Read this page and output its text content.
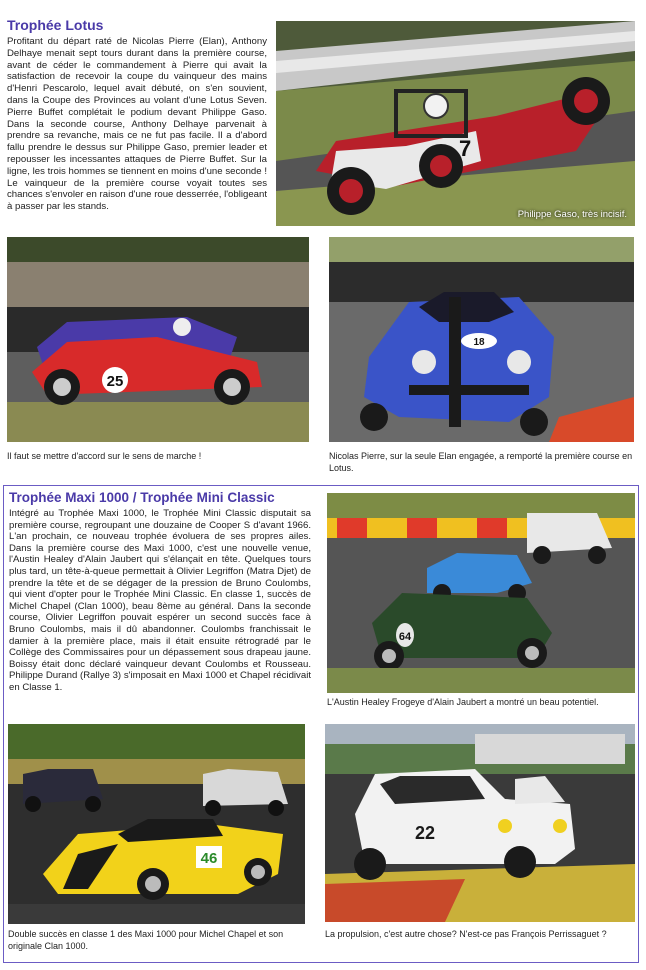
Trophée Lotus
Profitant du départ raté de Nicolas Pierre (Elan), Anthony Delhaye menait sept tours durant dans la première course, avant de céder le commandement à Pierre qui avait la satisfaction de recevoir la coupe du vainqueur des mains d'Henri Pescarolo, lequel avait débuté, on s'en souvient, dans la Coupe des Provinces au volant d'une Lotus Seven. Pierre Buffet complétait le podium devant Philippe Gaso. Dans la seconde course, Anthony Delhaye parvenait à prendre sa revanche, mais ce ne fut pas facile. Il a d'abord fallu prendre le dessus sur Philippe Gaso, premier leader et repousser les incessantes attaques de Pierre Buffet. Sur la ligne, les trois hommes se tiennent en moins d'une seconde ! Le vainqueur de la première course voyait toutes ses chances s'envoler en raison d'une roue desserrée, l'obligeant à passer par les stands.
7
Philippe Gaso, très incisif.
25
Il faut se mettre d'accord sur le sens de marche !
18
Nicolas Pierre, sur la seule Elan engagée, a remporté la première course en Lotus.
Trophée Maxi 1000 / Trophée Mini Classic
Intégré au Trophée Maxi 1000, le Trophée Mini Classic disputait sa première course, regroupant une douzaine de Cooper S d'avant 1966. L'an prochain, ce nouveau trophée évoluera de ses propres ailes. Dans la première course des Maxi 1000, c'est une nouvelle venue, l'Austin Healey d'Alain Jaubert qui s'élançait en tête. Quelques tours plus tard, un tête-à-queue permettait à Olivier Legriffon (Matra Djet) de prendre la tête et de se dégager de la pression de Bruno Coulombs, qui vient d'opter pour le Trophée Mini Classic. En classe 1, succès de Michel Chapel (Clan 1000), beau 8ème au général. Dans la seconde course, Olivier Legriffon pouvait espérer un second succès face à Bruno Coulombs, mais il dû abandonner. Coulombs franchissait le damier à la première place, mais il était ensuite rétrogradé par le Collège des Commissaires pour un dépassement sous drapeau jaune. Boissy était donc déclaré vainqueur devant Coulombs et Rousseau. Philippe Durand (Rallye 3) s'imposait en Maxi 1000 et Chapel récidivait en Classe 1.
64
L'Austin Healey Frogeye d'Alain Jaubert a montré un beau potentiel.
46
Double succès en classe 1 des Maxi 1000 pour Michel Chapel et son originale Clan 1000.
22
La propulsion, c'est autre chose? N'est-ce pas François Perrissaguet ?
